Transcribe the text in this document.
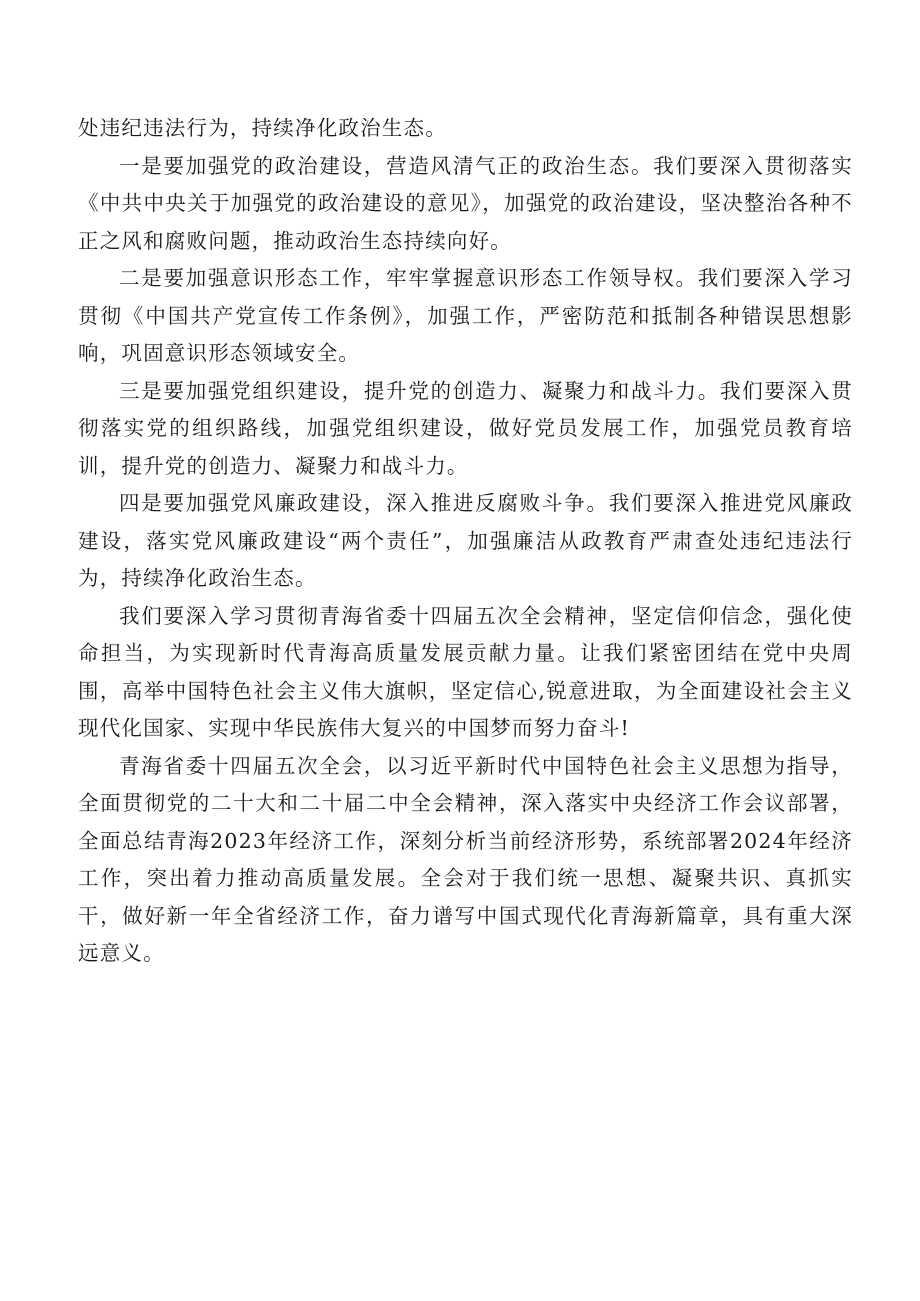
处违纪违法行为，持续净化政治生态。

一是要加强党的政治建设，营造风清气正的政治生态。我们要深入贯彻落实《中共中央关于加强党的政治建设的意见》，加强党的政治建设，坚决整治各种不正之风和腐败问题，推动政治生态持续向好。

二是要加强意识形态工作，牢牢掌握意识形态工作领导权。我们要深入学习贯彻《中国共产党宣传工作条例》，加强工作，严密防范和抵制各种错误思想影响，巩固意识形态领域安全。

三是要加强党组织建设，提升党的创造力、凝聚力和战斗力。我们要深入贯彻落实党的组织路线，加强党组织建设，做好党员发展工作，加强党员教育培训，提升党的创造力、凝聚力和战斗力。

四是要加强党风廉政建设，深入推进反腐败斗争。我们要深入推进党风廉政建设，落实党风廉政建设“两个责任”，加强廉洁从政教育严肃查处违纪违法行为，持续净化政治生态。

我们要深入学习贯彻青海省委十四届五次全会精神，坚定信仰信念，强化使命担当，为实现新时代青海高质量发展贡献力量。让我们紧密团结在党中央周围，高举中国特色社会主义伟大旗帜，坚定信心,锐意进取，为全面建设社会主义现代化国家、实现中华民族伟大复兴的中国梦而努力奋斗!

青海省委十四届五次全会，以习近平新时代中国特色社会主义思想为指导，全面贯彻党的二十大和二十届二中全会精神，深入落实中央经济工作会议部署，全面总结青海2023年经济工作，深刻分析当前经济形势，系统部署2024年经济工作，突出着力推动高质量发展。全会对于我们统一思想、凝聚共识、真抓实干，做好新一年全省经济工作，奋力谱写中国式现代化青海新篇章，具有重大深远意义。
